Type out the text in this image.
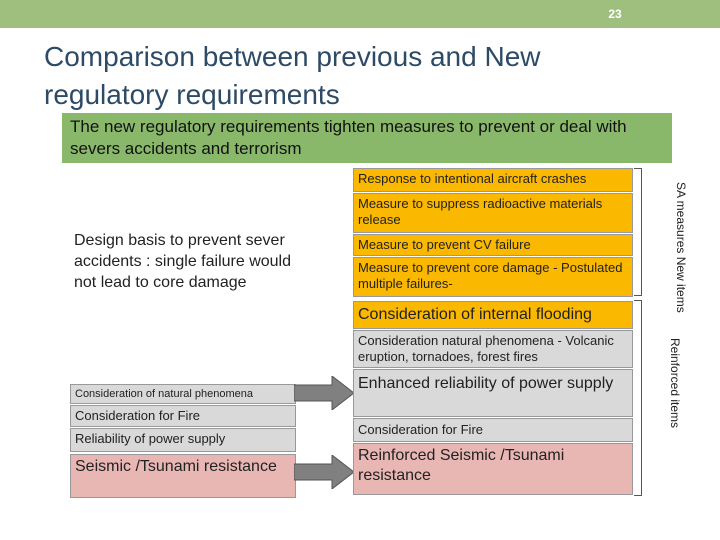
23
Comparison between previous and New regulatory requirements
The new regulatory requirements tighten measures to prevent or deal with severs accidents and terrorism
Design basis to prevent sever accidents : single failure would not lead to core damage
Consideration of natural phenomena
Consideration for Fire
Reliability of power supply
Seismic /Tsunami resistance
Response to intentional aircraft crashes
Measure to suppress radioactive materials release
Measure to prevent CV failure
Measure to prevent core damage - Postulated multiple failures-
Consideration of internal flooding
Consideration natural phenomena - Volcanic eruption, tornadoes, forest fires
Enhanced reliability of power supply
Consideration for Fire
Reinforced Seismic /Tsunami resistance
SA measures New items
Reinforced items
